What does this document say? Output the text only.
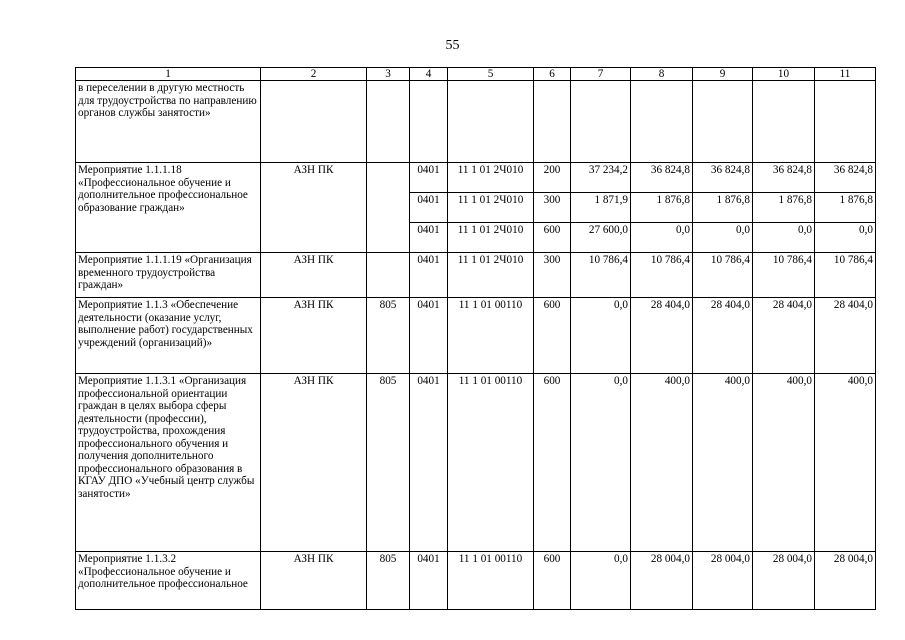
55
1	2	3	4	5	6	7	8	9	10	11
в переселении в другую местность для трудоустройства по направлению органов службы занятости»										
Мероприятие 1.1.1.18 «Профессиональное обучение и дополнительное профессиональное образование граждан»	АЗН ПК		0401	11 1 01 2Ч010	200	37 234,2	36 824,8	36 824,8	36 824,8	36 824,8
			0401	11 1 01 2Ч010	300	1 871,9	1 876,8	1 876,8	1 876,8	1 876,8
			0401	11 1 01 2Ч010	600	27 600,0	0,0	0,0	0,0	0,0
Мероприятие 1.1.1.19 «Организация временного трудоустройства граждан»	АЗН ПК		0401	11 1 01 2Ч010	300	10 786,4	10 786,4	10 786,4	10 786,4	10 786,4
Мероприятие 1.1.3 «Обеспечение деятельности (оказание услуг, выполнение работ) государственных учреждений (организаций)»	АЗН ПК	805	0401	11 1 01 00110	600	0,0	28 404,0	28 404,0	28 404,0	28 404,0
Мероприятие 1.1.3.1 «Организация профессиональной ориентации граждан в целях выбора сферы деятельности (профессии), трудоустройства, прохождения профессионального обучения и получения дополнительного профессионального образования в КГАУ ДПО «Учебный центр службы занятости»	АЗН ПК	805	0401	11 1 01 00110	600	0,0	400,0	400,0	400,0	400,0
Мероприятие 1.1.3.2 «Профессиональное обучение и дополнительное профессиональное	АЗН ПК	805	0401	11 1 01 00110	600	0,0	28 004,0	28 004,0	28 004,0	28 004,0
